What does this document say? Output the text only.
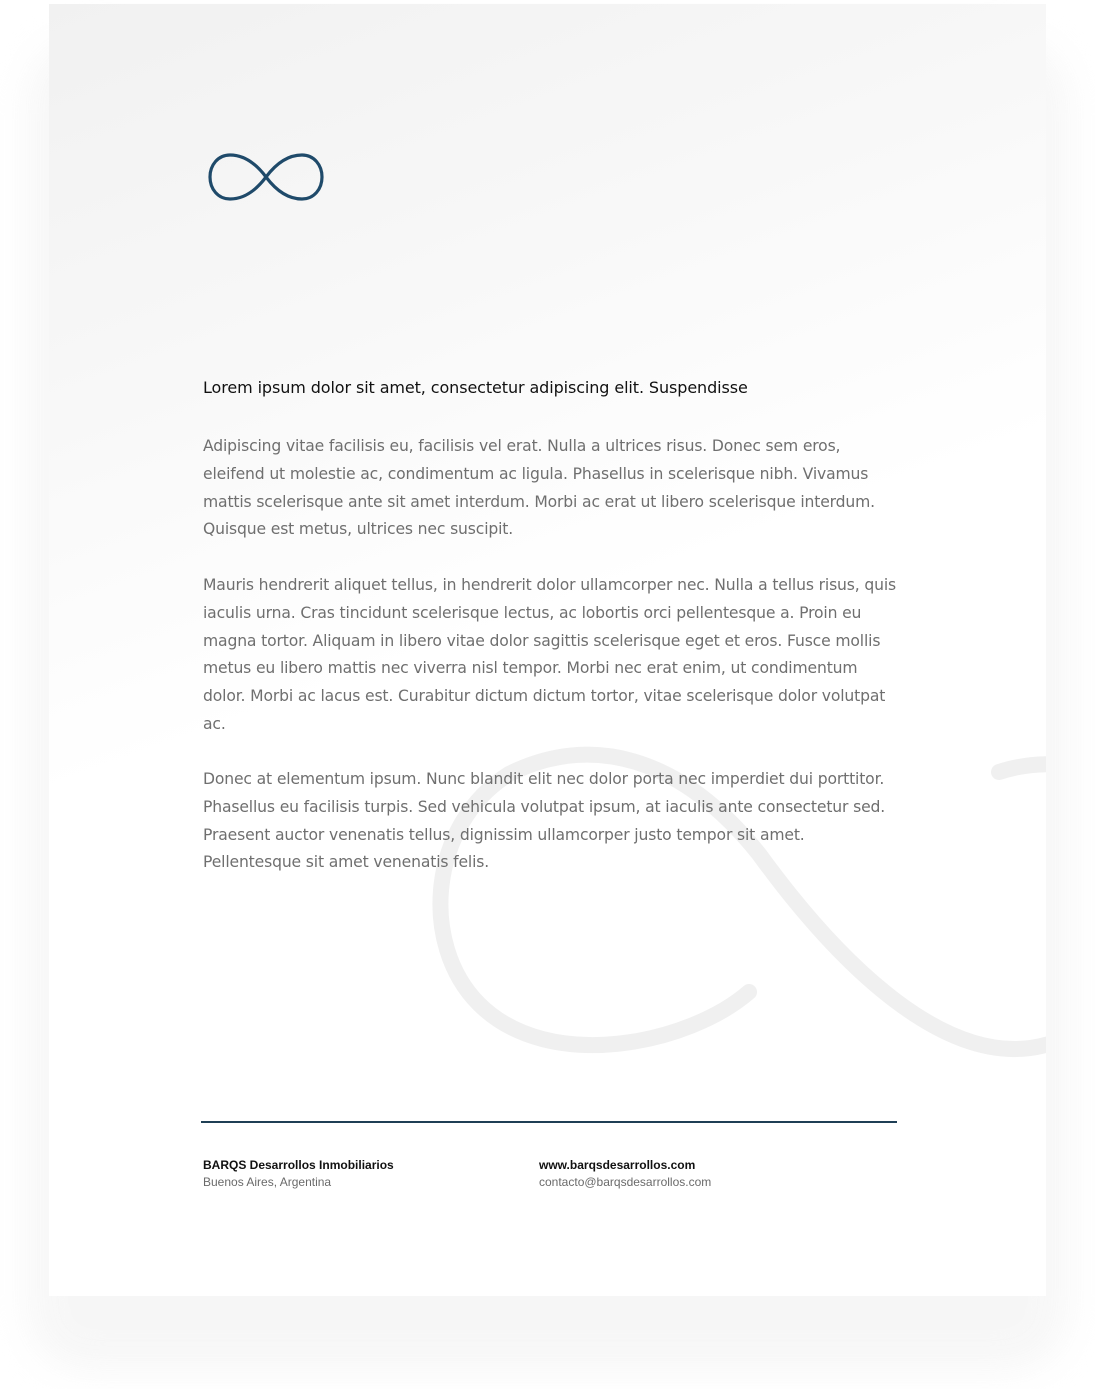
Lorem ipsum dolor sit amet, consectetur adipiscing elit. Suspendisse

Adipiscing vitae facilisis eu, facilisis vel erat. Nulla a ultrices risus. Donec sem eros, eleifend ut molestie ac, condimentum ac ligula. Phasellus in scelerisque nibh. Vivamus mattis scelerisque ante sit amet interdum. Morbi ac erat ut libero scelerisque interdum. Quisque est metus, ultrices nec suscipit.

Mauris hendrerit aliquet tellus, in hendrerit dolor ullamcorper nec. Nulla a tellus risus, quis iaculis urna. Cras tincidunt scelerisque lectus, ac lobortis orci pellentesque a. Proin eu magna tortor. Aliquam in libero vitae dolor sagittis scelerisque eget et eros. Fusce mollis metus eu libero mattis nec viverra nisl tempor. Morbi nec erat enim, ut condimentum dolor. Morbi ac lacus est. Curabitur dictum dictum tortor, vitae scelerisque dolor volutpat ac.

Donec at elementum ipsum. Nunc blandit elit nec dolor porta nec imperdiet dui porttitor. Phasellus eu facilisis turpis. Sed vehicula volutpat ipsum, at iaculis ante consectetur sed. Praesent auctor venenatis tellus, dignissim ullamcorper justo tempor sit amet. Pellentesque sit amet venenatis felis.

BARQS Desarrollos Inmobiliarios
Buenos Aires, Argentina
www.barqsdesarrollos.com
contacto@barqsdesarrollos.com
